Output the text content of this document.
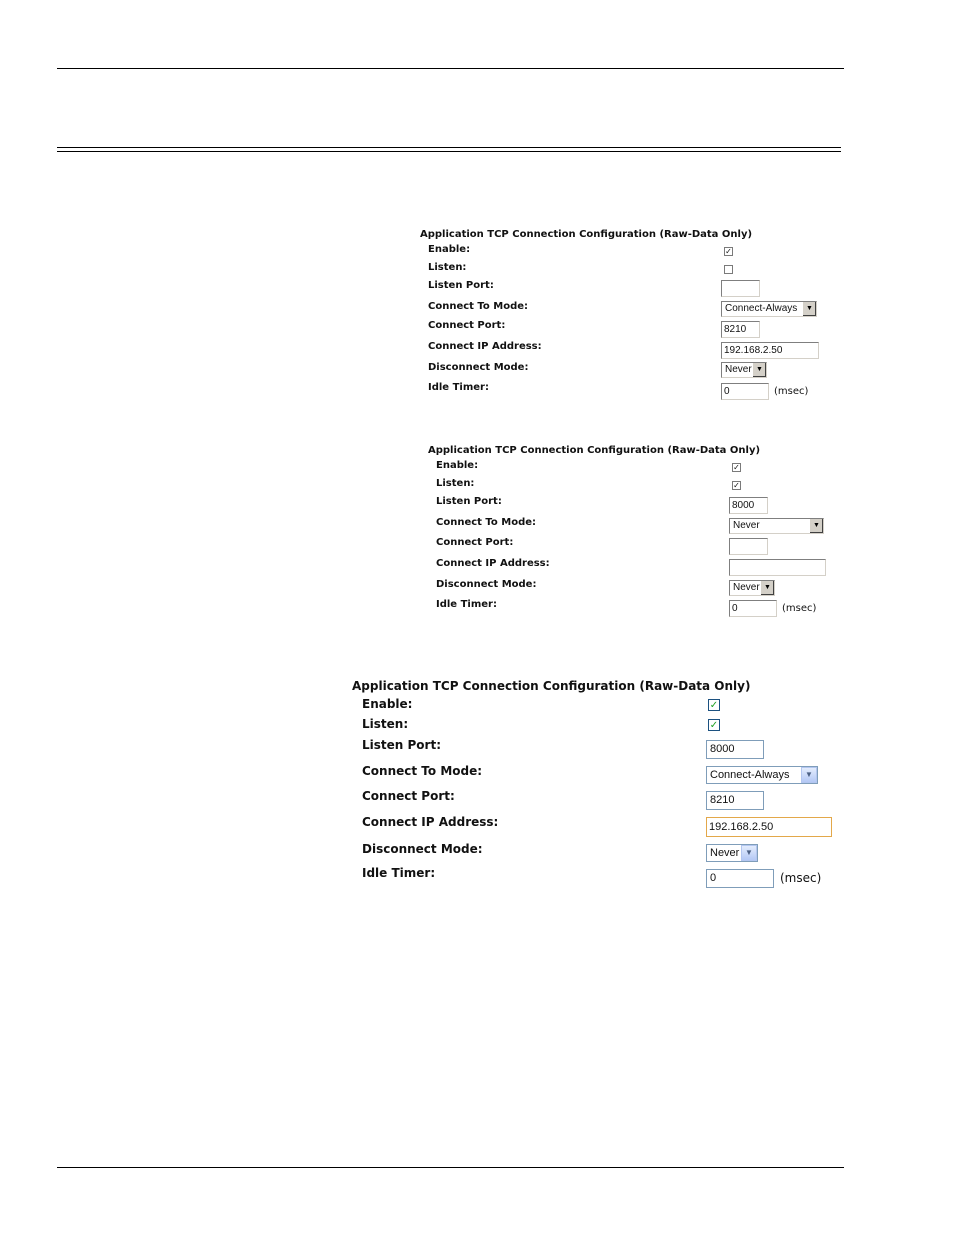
Application TCP Connection Configuration (Raw-Data Only)
Enable:	✓
Listen:
Listen Port:
Connect To Mode:	Connect-Always	▼
Connect Port:	8210
Connect IP Address:	192.168.2.50
Disconnect Mode:	Never ▼
Idle Timer:	0	(msec)
Application TCP Connection Configuration (Raw-Data Only)
Enable:	✓
Listen:	✓
Listen Port:	8000
Connect To Mode:	Never	▼
Connect Port:
Connect IP Address:
Disconnect Mode:	Never ▼
Idle Timer:	0	(msec)
Application TCP Connection Configuration (Raw-Data Only)
Enable:	✓
Listen:	✓
Listen Port:	8000
Connect To Mode:	Connect-Always	▼
Connect Port:	8210
Connect IP Address:	192.168.2.50
Disconnect Mode:	Never ▼
Idle Timer:	0	(msec)
